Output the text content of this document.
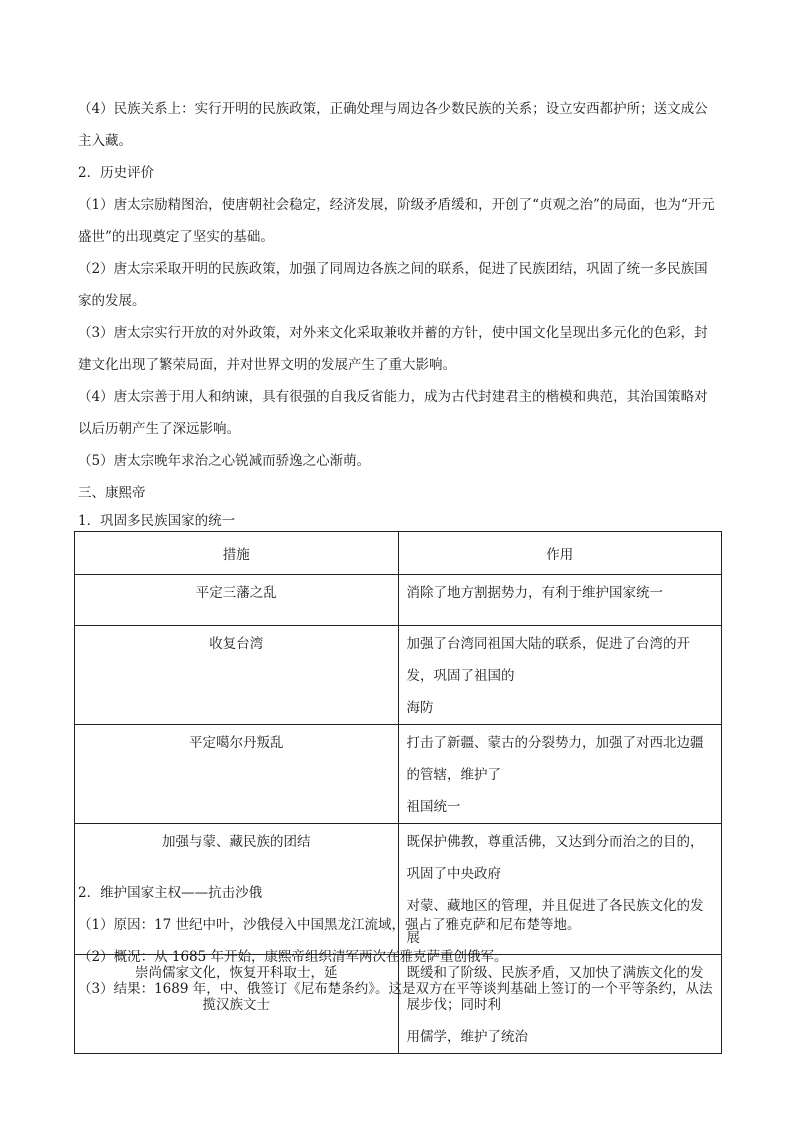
（4）民族关系上：实行开明的民族政策，正确处理与周边各少数民族的关系；设立安西都护所；送文成公
主入藏。
2．历史评价
（1）唐太宗励精图治，使唐朝社会稳定，经济发展，阶级矛盾缓和，开创了“贞观之治”的局面，也为“开元
盛世”的出现奠定了坚实的基础。
（2）唐太宗采取开明的民族政策，加强了同周边各族之间的联系，促进了民族团结，巩固了统一多民族国
家的发展。
（3）唐太宗实行开放的对外政策，对外来文化采取兼收并蓄的方针，使中国文化呈现出多元化的色彩，封
建文化出现了繁荣局面，并对世界文明的发展产生了重大影响。
（4）唐太宗善于用人和纳谏，具有很强的自我反省能力，成为古代封建君主的楷模和典范，其治国策略对
以后历朝产生了深远影响。
（5）唐太宗晚年求治之心锐减而骄逸之心渐萌。
三、康熙帝
1．巩固多民族国家的统一
措施	作用
平定三藩之乱	消除了地方割据势力，有利于维护国家统一
收复台湾	加强了台湾同祖国大陆的联系，促进了台湾的开发，巩固了祖国的
海防

平定噶尔丹叛乱	打击了新疆、蒙古的分裂势力，加强了对西北边疆的管辖，维护了
祖国统一

加强与蒙、藏民族的团结	既保护佛教，尊重活佛，又达到分而治之的目的，巩固了中央政府
对蒙、藏地区的管理，并且促进了各民族文化的发展

崇尚儒家文化，恢复开科取士，延
揽汉族文士	既缓和了阶级、民族矛盾，又加快了满族文化的发展步伐；同时利
用儒学，维护了统治
2．维护国家主权——抗击沙俄
（1）原因：17 世纪中叶，沙俄侵入中国黑龙江流域，强占了雅克萨和尼布楚等地。
（2）概况：从 1685 年开始，康熙帝组织清军两次在雅克萨重创俄军。
（3）结果：1689 年，中、俄签订《尼布楚条约》。这是双方在平等谈判基础上签订的一个平等条约，从法
